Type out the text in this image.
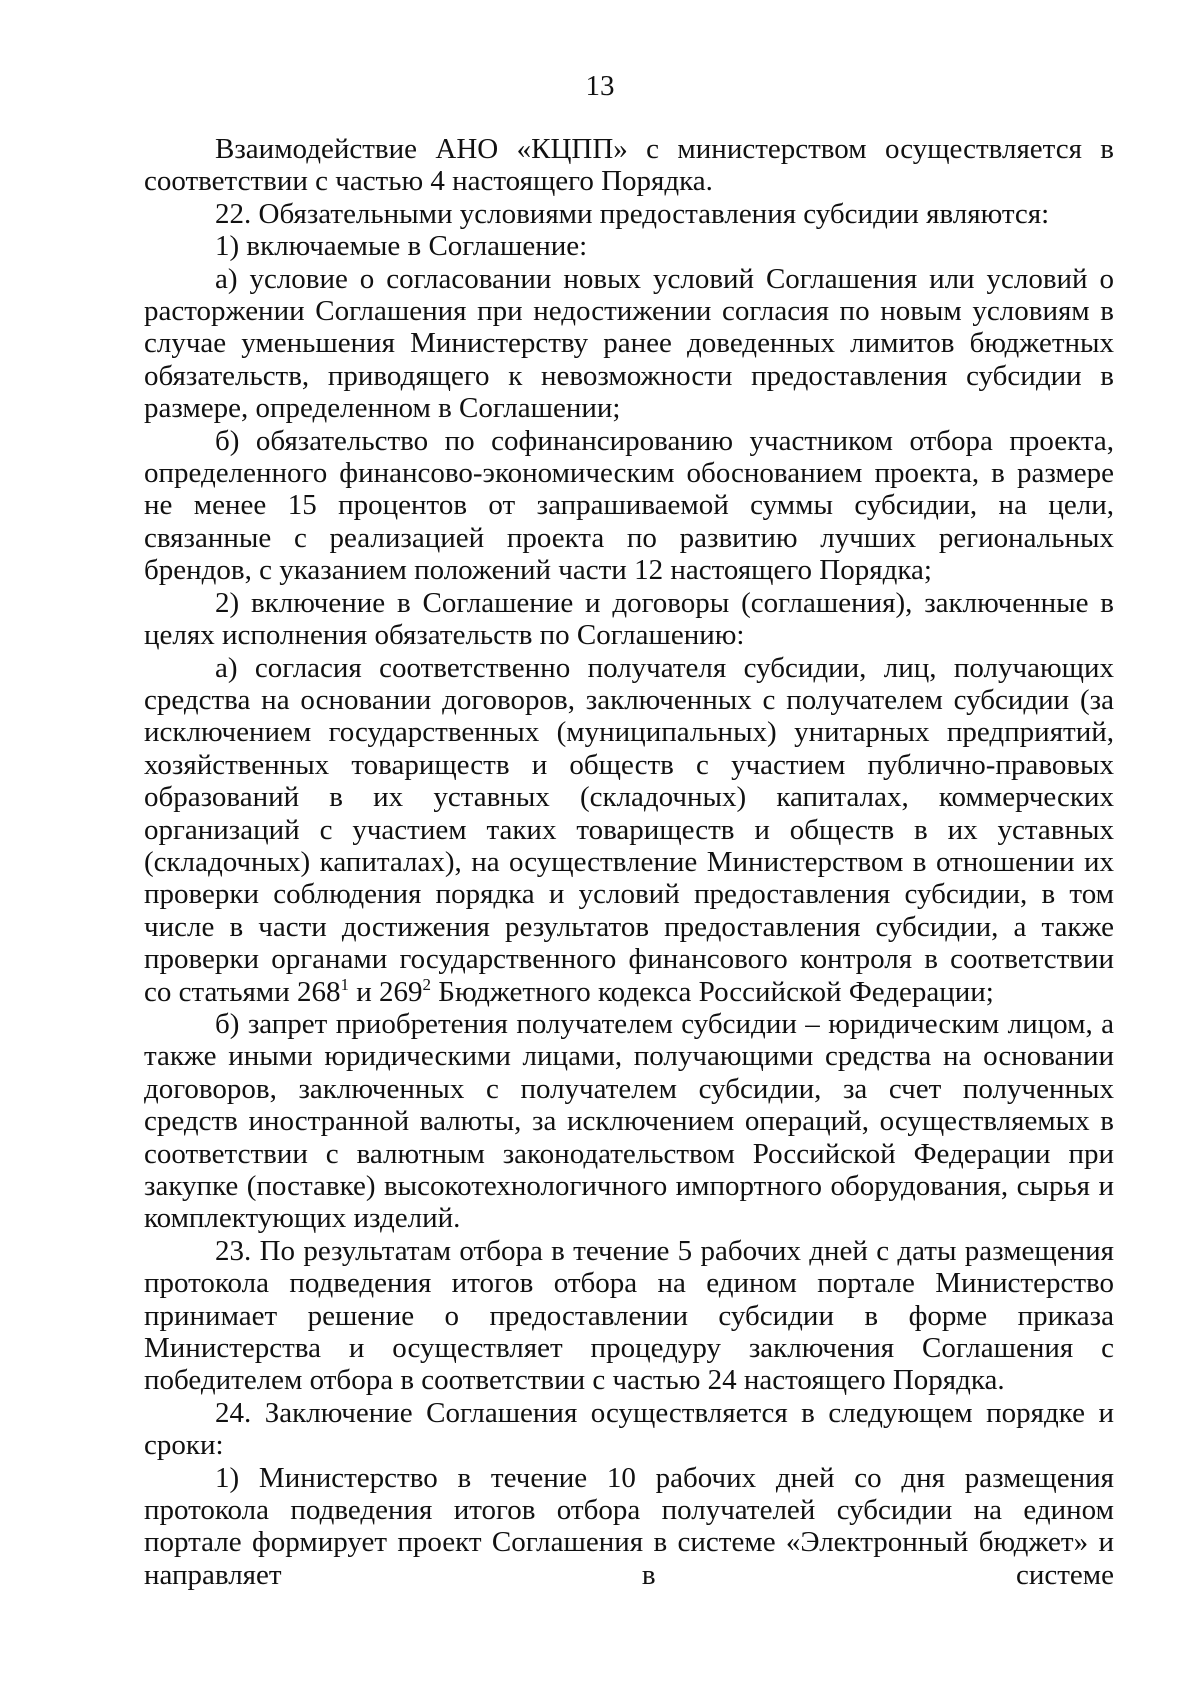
13

Взаимодействие АНО «КЦПП» с министерством осуществляется в соответствии с частью 4 настоящего Порядка.

22. Обязательными условиями предоставления субсидии являются:

1) включаемые в Соглашение:

а) условие о согласовании новых условий Соглашения или условий о расторжении Соглашения при недостижении согласия по новым условиям в случае уменьшения Министерству ранее доведенных лимитов бюджетных обязательств, приводящего к невозможности предоставления субсидии в размере, определенном в Соглашении;

б) обязательство по софинансированию участником отбора проекта, определенного финансово-экономическим обоснованием проекта, в размере не менее 15 процентов от запрашиваемой суммы субсидии, на цели, связанные с реализацией проекта по развитию лучших региональных брендов, с указанием положений части 12 настоящего Порядка;

2) включение в Соглашение и договоры (соглашения), заключенные в целях исполнения обязательств по Соглашению:

а) согласия соответственно получателя субсидии, лиц, получающих средства на основании договоров, заключенных с получателем субсидии (за исключением государственных (муниципальных) унитарных предприятий, хозяйственных товариществ и обществ с участием публично-правовых образований в их уставных (складочных) капиталах, коммерческих организаций с участием таких товариществ и обществ в их уставных (складочных) капиталах), на осуществление Министерством в отношении их проверки соблюдения порядка и условий предоставления субсидии, в том числе в части достижения результатов предоставления субсидии, а также проверки органами государственного финансового контроля в соответствии со статьями $268^1$ и $269^2$ Бюджетного кодекса Российской Федерации;

б) запрет приобретения получателем субсидии – юридическим лицом, а также иными юридическими лицами, получающими средства на основании договоров, заключенных с получателем субсидии, за счет полученных средств иностранной валюты, за исключением операций, осуществляемых в соответствии с валютным законодательством Российской Федерации при закупке (поставке) высокотехнологичного импортного оборудования, сырья и комплектующих изделий.

23. По результатам отбора в течение 5 рабочих дней с даты размещения протокола подведения итогов отбора на едином портале Министерство принимает решение о предоставлении субсидии в форме приказа Министерства и осуществляет процедуру заключения Соглашения с победителем отбора в соответствии с частью 24 настоящего Порядка.

24. Заключение Соглашения осуществляется в следующем порядке и сроки:

1) Министерство в течение 10 рабочих дней со дня размещения протокола подведения итогов отбора получателей субсидии на едином портале формирует проект Соглашения в системе «Электронный бюджет» и направляет в системе
